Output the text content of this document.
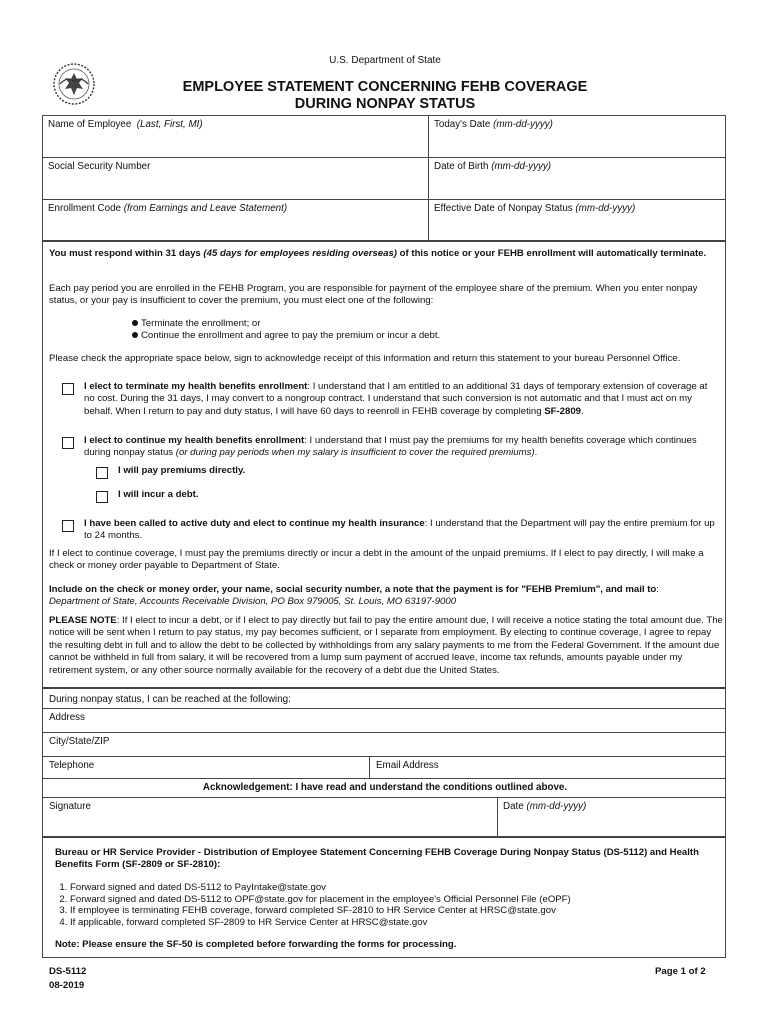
U.S. Department of State
EMPLOYEE STATEMENT CONCERNING FEHB COVERAGE
DURING NONPAY STATUS
Name of Employee (Last, First, MI)	Today's Date (mm-dd-yyyy)
Social Security Number	Date of Birth (mm-dd-yyyy)
Enrollment Code (from Earnings and Leave Statement)	Effective Date of Nonpay Status (mm-dd-yyyy)
You must respond within 31 days (45 days for employees residing overseas) of this notice or your FEHB enrollment will automatically terminate.
Each pay period you are enrolled in the FEHB Program, you are responsible for payment of the employee share of the premium. When you enter nonpay status, or your pay is insufficient to cover the premium, you must elect one of the following:
Terminate the enrollment; or
Continue the enrollment and agree to pay the premium or incur a debt.
Please check the appropriate space below, sign to acknowledge receipt of this information and return this statement to your bureau Personnel Office.
I elect to terminate my health benefits enrollment: I understand that I am entitled to an additional 31 days of temporary extension of coverage at no cost. During the 31 days, I may convert to a nongroup contract. I understand that such conversion is not automatic and that I must act on my behalf. When I return to pay and duty status, I will have 60 days to reenroll in FEHB coverage by completing SF-2809.
I elect to continue my health benefits enrollment: I understand that I must pay the premiums for my health benefits coverage which continues during nonpay status (or during pay periods when my salary is insufficient to cover the required premiums).
I will pay premiums directly.
I will incur a debt.
I have been called to active duty and elect to continue my health insurance: I understand that the Department will pay the entire premium for up to 24 months.
If I elect to continue coverage, I must pay the premiums directly or incur a debt in the amount of the unpaid premiums. If I elect to pay directly, I will make a check or money order payable to Department of State.
Include on the check or money order, your name, social security number, a note that the payment is for "FEHB Premium", and mail to:
Department of State, Accounts Receivable Division, PO Box 979005, St. Louis, MO 63197-9000
PLEASE NOTE: If I elect to incur a debt, or if I elect to pay directly but fail to pay the entire amount due, I will receive a notice stating the total amount due. The notice will be sent when I return to pay status, my pay becomes sufficient, or I separate from employment. By electing to continue coverage, I agree to repay the resulting debt in full and to allow the debt to be collected by withholdings from any salary payments to me from the Federal Government. If the amount due cannot be withheld in full from salary, it will be recovered from a lump sum payment of accrued leave, income tax refunds, amounts payable under my retirement system, or any other source normally available for the recovery of a debt due the United States.
During nonpay status, I can be reached at the following:
Address
City/State/ZIP
Telephone	Email Address
Acknowledgement: I have read and understand the conditions outlined above.
Signature	Date (mm-dd-yyyy)
Bureau or HR Service Provider - Distribution of Employee Statement Concerning FEHB Coverage During Nonpay Status (DS-5112) and Health Benefits Form (SF-2809 or SF-2810):
1. Forward signed and dated DS-5112 to PayIntake@state.gov
2. Forward signed and dated DS-5112 to OPF@state.gov for placement in the employee's Official Personnel File (eOPF)
3. If employee is terminating FEHB coverage, forward completed SF-2810 to HR Service Center at HRSC@state.gov
4. If applicable, forward completed SF-2809 to HR Service Center at HRSC@state.gov
Note: Please ensure the SF-50 is completed before forwarding the forms for processing.
DS-5112
08-2019
Page 1 of 2
